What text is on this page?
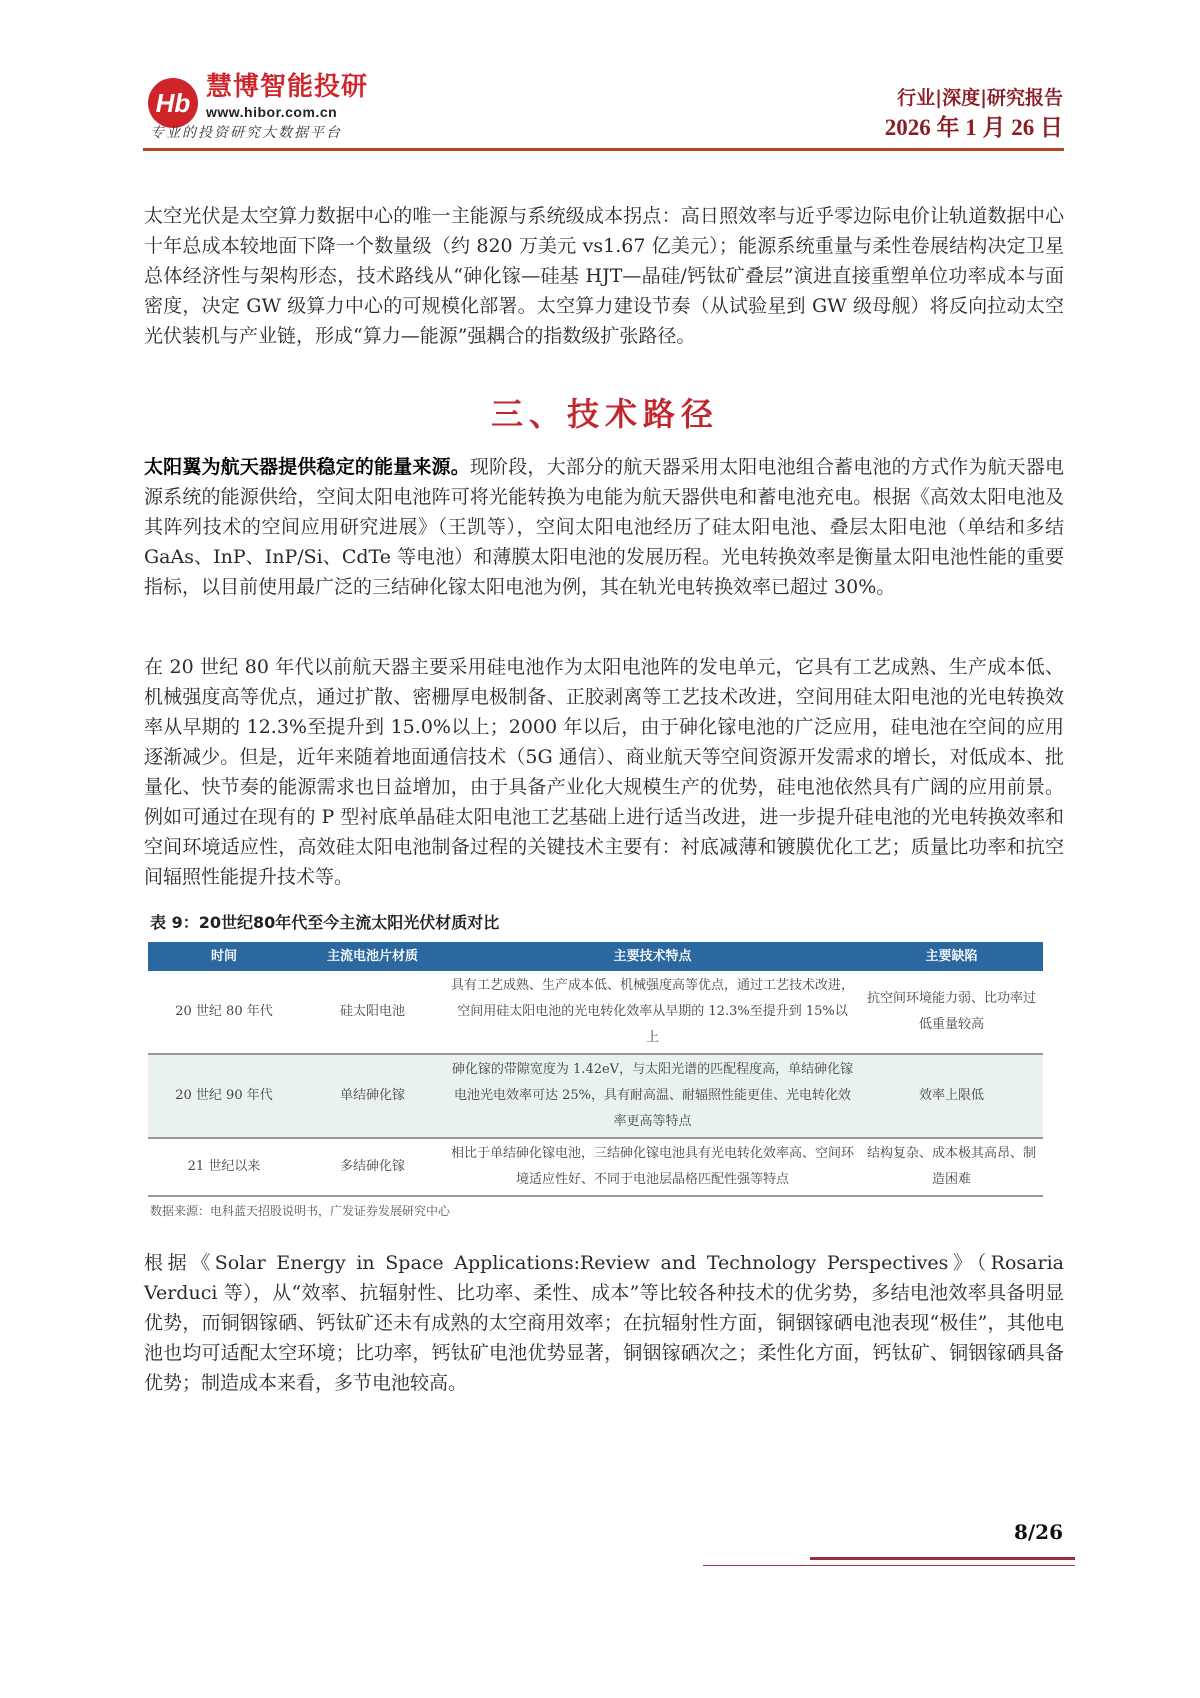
Hb
慧博智能投研
www.hibor.com.cn
专业的投资研究大数据平台
行业|深度|研究报告
2026 年 1 月 26 日

太空光伏是太空算力数据中心的唯一主能源与系统级成本拐点：高日照效率与近乎零边际电价让轨道数据中心十年总成本较地面下降一个数量级（约 820 万美元 vs1.67 亿美元）；能源系统重量与柔性卷展结构决定卫星总体经济性与架构形态，技术路线从“砷化镓—硅基 HJT—晶硅/钙钛矿叠层”演进直接重塑单位功率成本与面密度，决定 GW 级算力中心的可规模化部署。太空算力建设节奏（从试验星到 GW 级母舰）将反向拉动太空光伏装机与产业链，形成“算力—能源”强耦合的指数级扩张路径。

三、技术路径

太阳翼为航天器提供稳定的能量来源。现阶段，大部分的航天器采用太阳电池组合蓄电池的方式作为航天器电源系统的能源供给，空间太阳电池阵可将光能转换为电能为航天器供电和蓄电池充电。根据《高效太阳电池及其阵列技术的空间应用研究进展》（王凯等），空间太阳电池经历了硅太阳电池、叠层太阳电池（单结和多结 GaAs、InP、InP/Si、CdTe 等电池）和薄膜太阳电池的发展历程。光电转换效率是衡量太阳电池性能的重要指标，以目前使用最广泛的三结砷化镓太阳电池为例，其在轨光电转换效率已超过 30%。

在 20 世纪 80 年代以前航天器主要采用硅电池作为太阳电池阵的发电单元，它具有工艺成熟、生产成本低、机械强度高等优点，通过扩散、密栅厚电极制备、正胶剥离等工艺技术改进，空间用硅太阳电池的光电转换效率从早期的 12.3%至提升到 15.0%以上；2000 年以后，由于砷化镓电池的广泛应用，硅电池在空间的应用逐渐减少。但是，近年来随着地面通信技术（5G 通信）、商业航天等空间资源开发需求的增长，对低成本、批量化、快节奏的能源需求也日益增加，由于具备产业化大规模生产的优势，硅电池依然具有广阔的应用前景。例如可通过在现有的 P 型衬底单晶硅太阳电池工艺基础上进行适当改进，进一步提升硅电池的光电转换效率和空间环境适应性，高效硅太阳电池制备过程的关键技术主要有：衬底减薄和镀膜优化工艺；质量比功率和抗空间辐照性能提升技术等。

表 9：20世纪80年代至今主流太阳光伏材质对比
时间	主流电池片材质	主要技术特点	主要缺陷
20 世纪 80 年代	硅太阳电池	具有工艺成熟、生产成本低、机械强度高等优点，通过工艺技术改进，空间用硅太阳电池的光电转化效率从早期的 12.3%至提升到 15%以上	抗空间环境能力弱、比功率过低重量较高
20 世纪 90 年代	单结砷化镓	砷化镓的带隙宽度为 1.42eV，与太阳光谱的匹配程度高，单结砷化镓电池光电效率可达 25%，具有耐高温、耐辐照性能更佳、光电转化效率更高等特点	效率上限低
21 世纪以来	多结砷化镓	相比于单结砷化镓电池，三结砷化镓电池具有光电转化效率高、空间环境适应性好、不同于电池层晶格匹配性强等特点	结构复杂、成本极其高昂、制造困难
数据来源：电科蓝天招股说明书，广发证券发展研究中心

根据《Solar Energy in Space Applications:Review and Technology Perspectives》（Rosaria Verduci 等），从“效率、抗辐射性、比功率、柔性、成本”等比较各种技术的优劣势，多结电池效率具备明显优势，而铜铟镓硒、钙钛矿还未有成熟的太空商用效率；在抗辐射性方面，铜铟镓硒电池表现“极佳”，其他电池也均可适配太空环境；比功率，钙钛矿电池优势显著，铜铟镓硒次之；柔性化方面，钙钛矿、铜铟镓硒具备优势；制造成本来看，多节电池较高。

8/26
